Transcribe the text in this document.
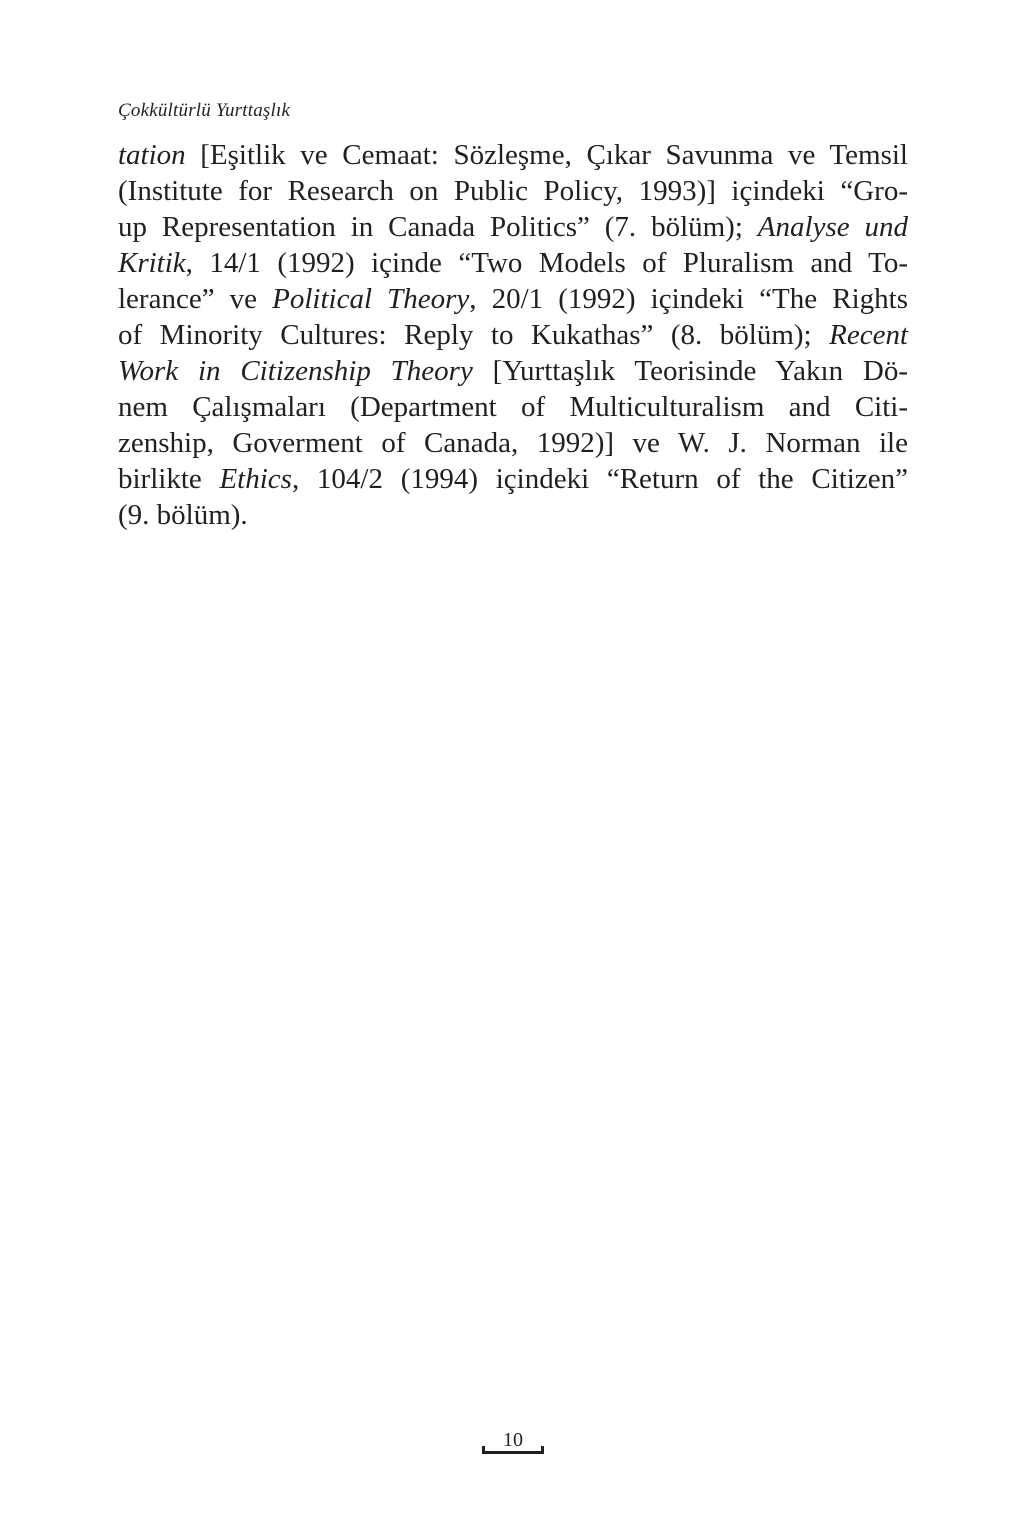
Çokkültürlü Yurttaşlık
tation [Eşitlik ve Cemaat: Sözleşme, Çıkar Savunma ve Temsil
(Institute for Research on Public Policy, 1993)] içindeki “Gro-
up Representation in Canada Politics” (7. bölüm); Analyse und
Kritik, 14/1 (1992) içinde “Two Models of Pluralism and To-
lerance” ve Political Theory, 20/1 (1992) içindeki “The Rights
of Minority Cultures: Reply to Kukathas” (8. bölüm); Recent
Work in Citizenship Theory [Yurttaşlık Teorisinde Yakın Dö-
nem Çalışmaları (Department of Multiculturalism and Citi-
zenship, Goverment of Canada, 1992)] ve W. J. Norman ile
birlikte Ethics, 104/2 (1994) içindeki “Return of the Citizen”
(9. bölüm).
10
